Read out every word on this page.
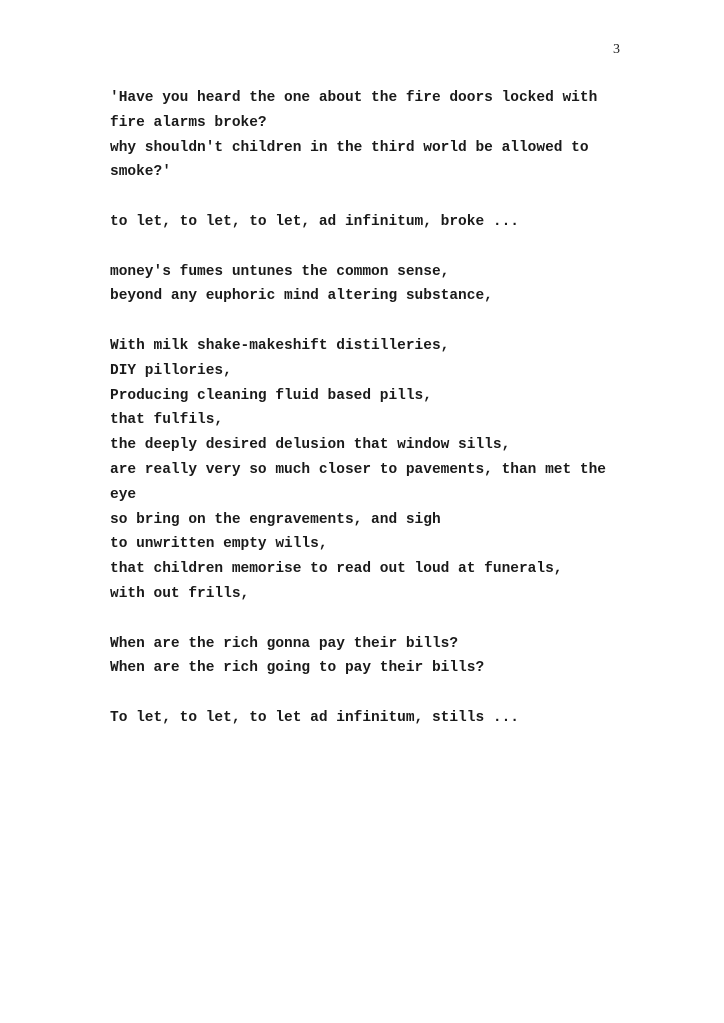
3
'Have you heard the one about the fire doors locked with
fire alarms broke?
why shouldn't children in the third world be allowed to
smoke?'
to let, to let, to let, ad infinitum, broke ...
money's fumes untunes the common sense,
beyond any euphoric mind altering substance,
With milk shake-makeshift distilleries,
DIY pillories,
Producing cleaning fluid based pills,
that fulfils,
the deeply desired delusion that window sills,
are really very so much closer to pavements, than met the
eye
so bring on the engravements, and sigh
to unwritten empty wills,
that children memorise to read out loud at funerals,
with out frills,
When are the rich gonna pay their bills?
When are the rich going to pay their bills?
To let, to let, to let ad infinitum, stills ...
